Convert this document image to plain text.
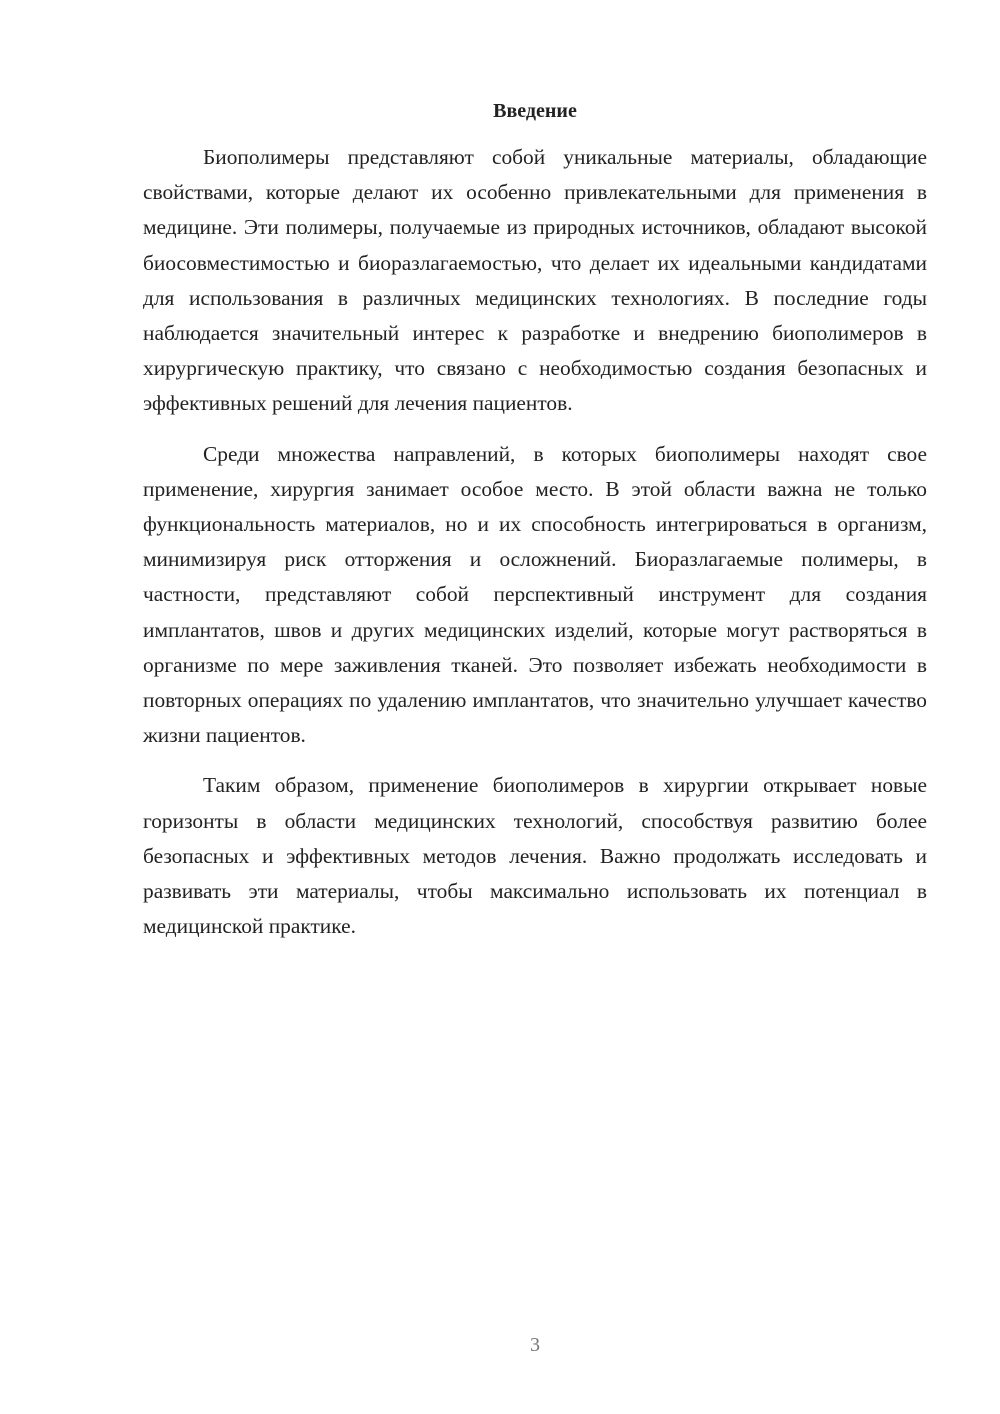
Введение

Биополимеры представляют собой уникальные материалы, обладающие свойствами, которые делают их особенно привлекательными для применения в медицине. Эти полимеры, получаемые из природных источников, обладают высокой биосовместимостью и биоразлагаемостью, что делает их идеальными кандидатами для использования в различных медицинских технологиях. В последние годы наблюдается значительный интерес к разработке и внедрению биополимеров в хирургическую практику, что связано с необходимостью создания безопасных и эффективных решений для лечения пациентов.

Среди множества направлений, в которых биополимеры находят свое применение, хирургия занимает особое место. В этой области важна не только функциональность материалов, но и их способность интегрироваться в организм, минимизируя риск отторжения и осложнений. Биоразлагаемые полимеры, в частности, представляют собой перспективный инструмент для создания имплантатов, швов и других медицинских изделий, которые могут растворяться в организме по мере заживления тканей. Это позволяет избежать необходимости в повторных операциях по удалению имплантатов, что значительно улучшает качество жизни пациентов.

Таким образом, применение биополимеров в хирургии открывает новые горизонты в области медицинских технологий, способствуя развитию более безопасных и эффективных методов лечения. Важно продолжать исследовать и развивать эти материалы, чтобы максимально использовать их потенциал в медицинской практике.

3
